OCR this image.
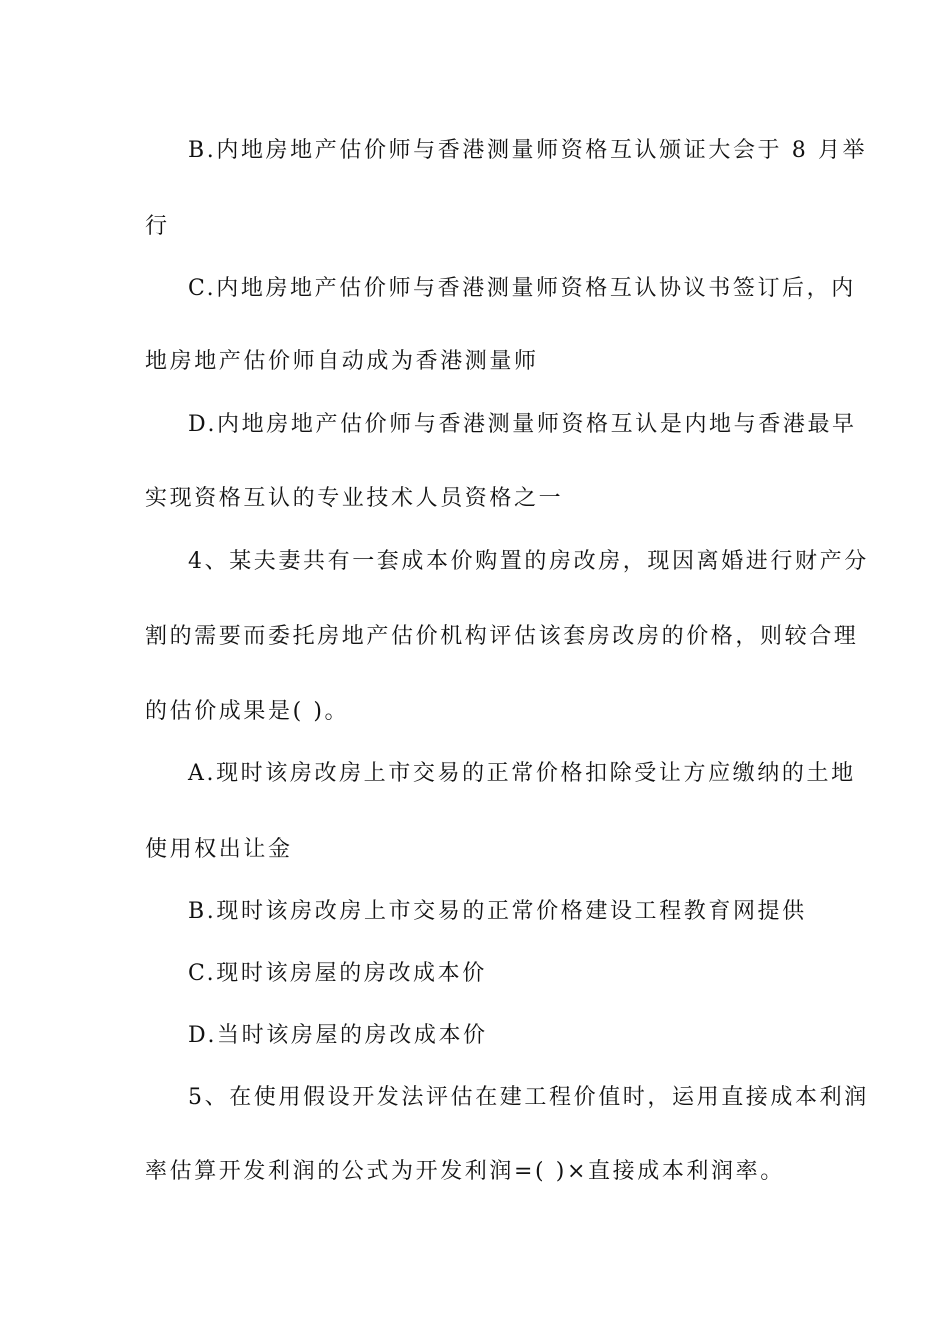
B.内地房地产估价师与香港测量师资格互认颁证大会于 8 月举
行
C.内地房地产估价师与香港测量师资格互认协议书签订后，内
地房地产估价师自动成为香港测量师
D.内地房地产估价师与香港测量师资格互认是内地与香港最早
实现资格互认的专业技术人员资格之一
4、某夫妻共有一套成本价购置的房改房，现因离婚进行财产分
割的需要而委托房地产估价机构评估该套房改房的价格，则较合理
的估价成果是( )。
A.现时该房改房上市交易的正常价格扣除受让方应缴纳的土地
使用权出让金
B.现时该房改房上市交易的正常价格建设工程教育网提供
C.现时该房屋的房改成本价
D.当时该房屋的房改成本价
5、在使用假设开发法评估在建工程价值时，运用直接成本利润
率估算开发利润的公式为开发利润=( )×直接成本利润率。
